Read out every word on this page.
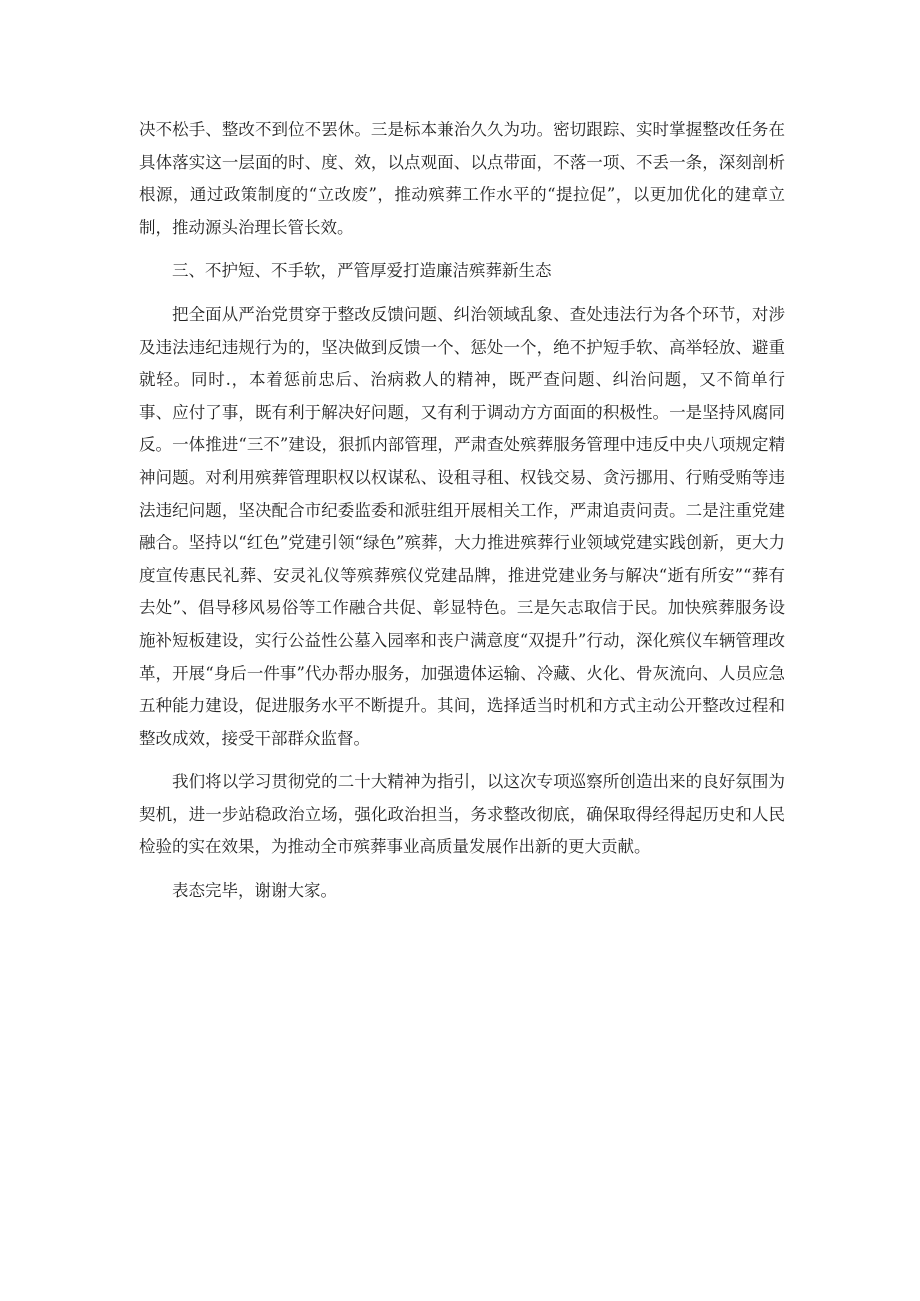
决不松手、整改不到位不罢休。三是标本兼治久久为功。密切跟踪、实时掌握整改任务在具体落实这一层面的时、度、效，以点观面、以点带面，不落一项、不丢一条，深刻剖析根源，通过政策制度的“立改废”，推动殡葬工作水平的“提拉促”，以更加优化的建章立制，推动源头治理长管长效。

三、不护短、不手软，严管厚爱打造廉洁殡葬新生态

把全面从严治党贯穿于整改反馈问题、纠治领域乱象、查处违法行为各个环节，对涉及违法违纪违规行为的，坚决做到反馈一个、惩处一个，绝不护短手软、高举轻放、避重就轻。同时.，本着惩前忠后、治病救人的精神，既严查问题、纠治问题，又不简单行事、应付了事，既有利于解决好问题，又有利于调动方方面面的积极性。一是坚持风腐同反。一体推进“三不”建设，狠抓内部管理，严肃查处殡葬服务管理中违反中央八项规定精神问题。对利用殡葬管理职权以权谋私、设租寻租、权钱交易、贪污挪用、行贿受贿等违法违纪问题，坚决配合市纪委监委和派驻组开展相关工作，严肃追责问责。二是注重党建融合。坚持以“红色”党建引领“绿色”殡葬，大力推进殡葬行业领域党建实践创新，更大力度宣传惠民礼葬、安灵礼仪等殡葬殡仪党建品牌，推进党建业务与解决“逝有所安”“葬有去处”、倡导移风易俗等工作融合共促、彰显特色。三是矢志取信于民。加快殡葬服务设施补短板建设，实行公益性公墓入园率和丧户满意度“双提升”行动，深化殡仪车辆管理改革，开展“身后一件事”代办帮办服务，加强遗体运输、冷藏、火化、骨灰流向、人员应急五种能力建设，促进服务水平不断提升。其间，选择适当时机和方式主动公开整改过程和整改成效，接受干部群众监督。

我们将以学习贯彻党的二十大精神为指引，以这次专项巡察所创造出来的良好氛围为契机，进一步站稳政治立场，强化政治担当，务求整改彻底，确保取得经得起历史和人民检验的实在效果，为推动全市殡葬事业高质量发展作出新的更大贡献。

表态完毕，谢谢大家。
